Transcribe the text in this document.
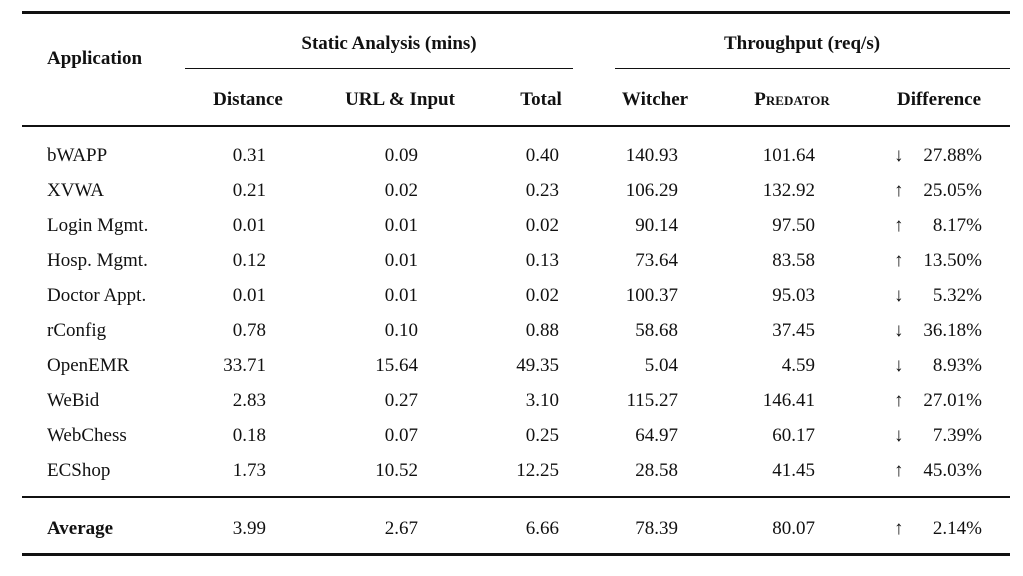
Application
Static Analysis (mins)	Throughput (req/s)
Distance	URL & Input	Total	Witcher	Predator	Difference
bWAPP	0.31	0.09	0.40	140.93	101.64	↓ 27.88%
XVWA	0.21	0.02	0.23	106.29	132.92	↑ 25.05%
Login Mgmt.	0.01	0.01	0.02	90.14	97.50	↑ 8.17%
Hosp. Mgmt.	0.12	0.01	0.13	73.64	83.58	↑ 13.50%
Doctor Appt.	0.01	0.01	0.02	100.37	95.03	↓ 5.32%
rConfig	0.78	0.10	0.88	58.68	37.45	↓ 36.18%
OpenEMR	33.71	15.64	49.35	5.04	4.59	↓ 8.93%
WeBid	2.83	0.27	3.10	115.27	146.41	↑ 27.01%
WebChess	0.18	0.07	0.25	64.97	60.17	↓ 7.39%
ECShop	1.73	10.52	12.25	28.58	41.45	↑ 45.03%
Average	3.99	2.67	6.66	78.39	80.07	↑ 2.14%
